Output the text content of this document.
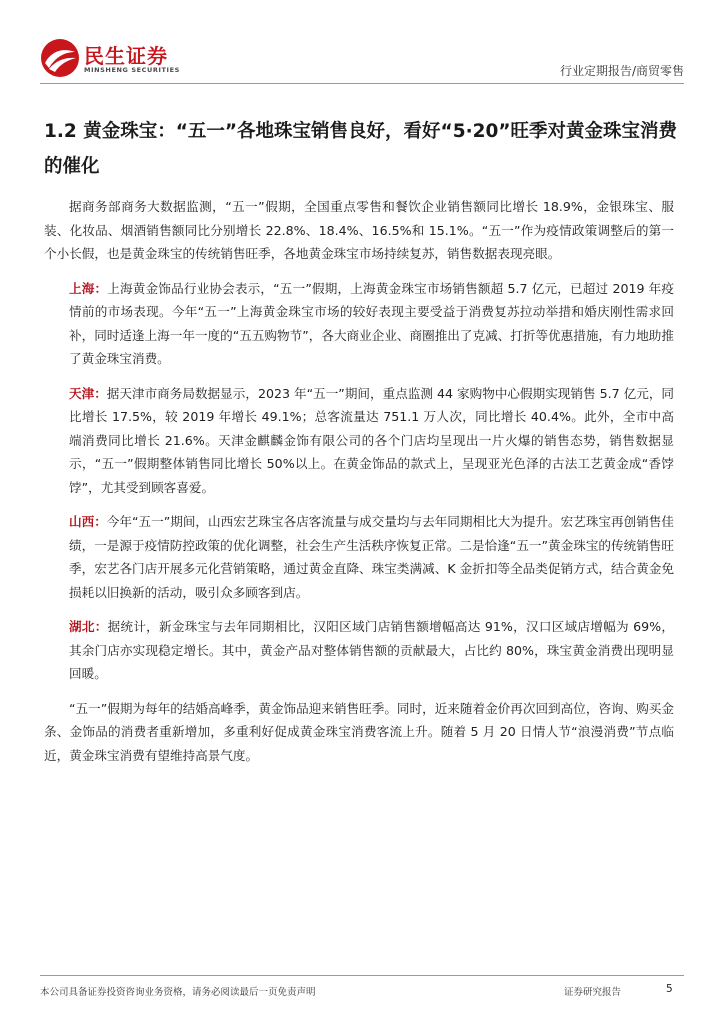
民生证券
MINSHENG SECURITIES	行业定期报告/商贸零售
1.2 黄金珠宝：“五一”各地珠宝销售良好，看好“5·20”旺季对黄金珠宝消费的催化

据商务部商务大数据监测，“五一”假期，全国重点零售和餐饮企业销售额同比增长 18.9%，金银珠宝、服装、化妆品、烟酒销售额同比分别增长 22.8%、18.4%、16.5%和 15.1%。“五一”作为疫情政策调整后的第一个小长假，也是黄金珠宝的传统销售旺季，各地黄金珠宝市场持续复苏，销售数据表现亮眼。

上海：上海黄金饰品行业协会表示，“五一”假期，上海黄金珠宝市场销售额超 5.7 亿元，已超过 2019 年疫情前的市场表现。今年“五一”上海黄金珠宝市场的较好表现主要受益于消费复苏拉动举措和婚庆刚性需求回补，同时适逢上海一年一度的“五五购物节”，各大商业企业、商圈推出了克减、打折等优惠措施，有力地助推了黄金珠宝消费。

天津：据天津市商务局数据显示，2023 年“五一”期间，重点监测 44 家购物中心假期实现销售 5.7 亿元，同比增长 17.5%，较 2019 年增长 49.1%；总客流量达 751.1 万人次，同比增长 40.4%。此外，全市中高端消费同比增长 21.6%。天津金麒麟金饰有限公司的各个门店均呈现出一片火爆的销售态势，销售数据显示，“五一”假期整体销售同比增长 50%以上。在黄金饰品的款式上，呈现亚光色泽的古法工艺黄金成“香饽饽”，尤其受到顾客喜爱。

山西：今年“五一”期间，山西宏艺珠宝各店客流量与成交量均与去年同期相比大为提升。宏艺珠宝再创销售佳绩，一是源于疫情防控政策的优化调整，社会生产生活秩序恢复正常。二是恰逢“五一”黄金珠宝的传统销售旺季，宏艺各门店开展多元化营销策略，通过黄金直降、珠宝类满减、K 金折扣等全品类促销方式，结合黄金免损耗以旧换新的活动，吸引众多顾客到店。

湖北：据统计，新金珠宝与去年同期相比，汉阳区域门店销售额增幅高达 91%，汉口区域店增幅为 69%，其余门店亦实现稳定增长。其中，黄金产品对整体销售额的贡献最大，占比约 80%，珠宝黄金消费出现明显回暖。

“五一”假期为每年的结婚高峰季，黄金饰品迎来销售旺季。同时，近来随着金价再次回到高位，咨询、购买金条、金饰品的消费者重新增加，多重利好促成黄金珠宝消费客流上升。随着 5 月 20 日情人节“浪漫消费”节点临近，黄金珠宝消费有望维持高景气度。

本公司具备证券投资咨询业务资格，请务必阅读最后一页免责声明	证券研究报告	5
